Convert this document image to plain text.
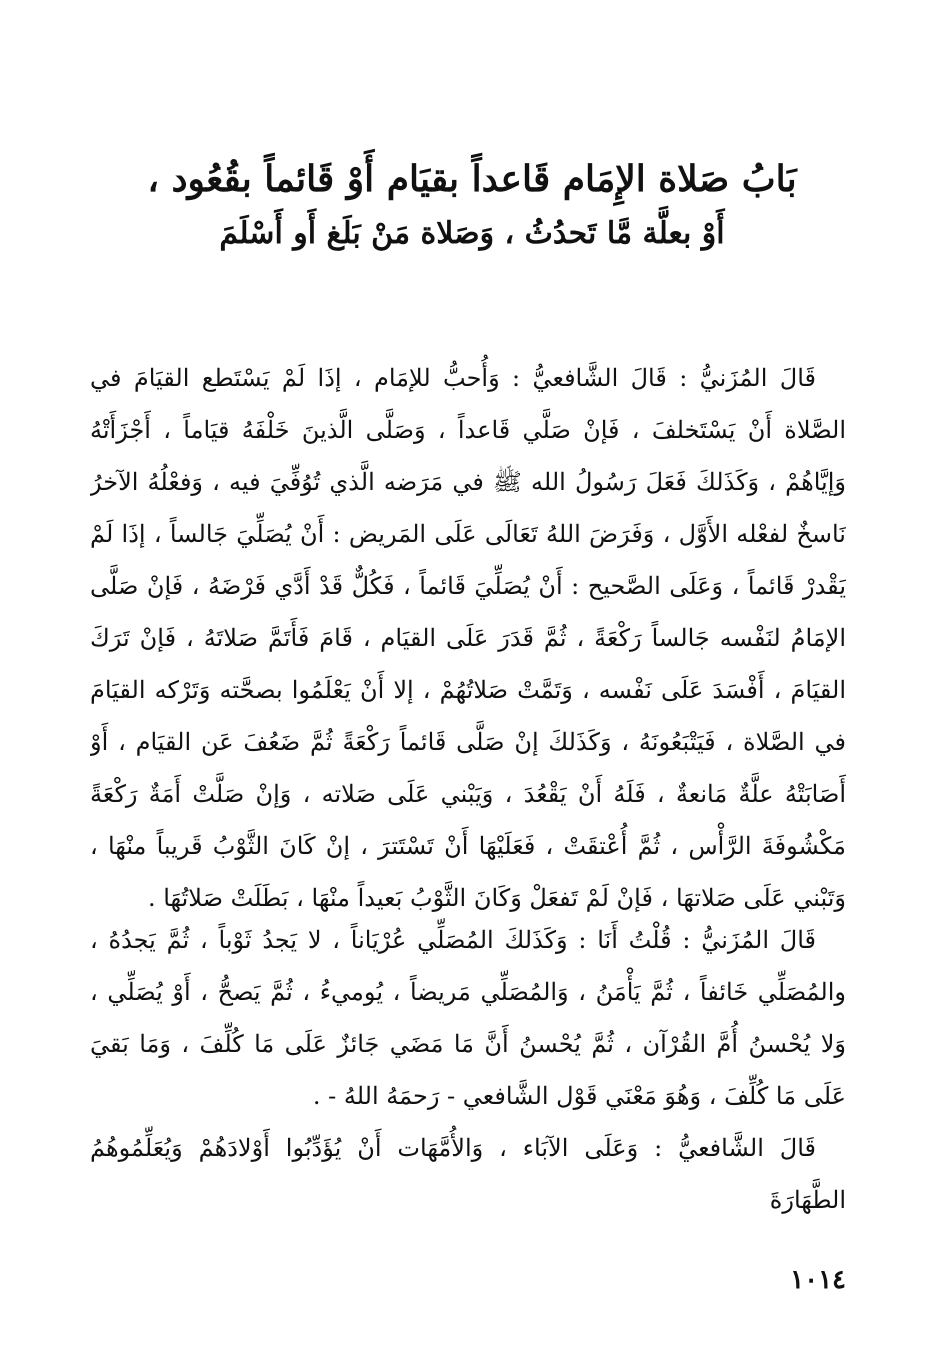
بَابُ صَلاة الإِمَام قَاعداً بقيَام أَوْ قَائماً بقُعُود ،
أَوْ بعلَّة مَّا تَحدُثُ ، وَصَلاة مَنْ بَلَغ أَو أَسْلَمَ

قَالَ المُزَنيُّ : قَالَ الشَّافعيُّ : وَأُحبُّ للإمَام ، إذَا لَمْ يَسْتَطع القيَامَ في الصَّلاة أَنْ يَسْتَخلفَ ، فَإنْ صَلَّي قَاعداً ، وَصَلَّى الَّذينَ خَلْفَهُ قيَاماً ، أَجْزَأَتْهُ وَإيَّاهُمْ ، وَكَذَلكَ فَعَلَ رَسُولُ الله ﷺ في مَرَضه الَّذي تُوُفِّيَ فيه ، وَفعْلُهُ الآخرُ نَاسخٌ لفعْله الأَوَّل ، وَفَرَضَ اللهُ تَعَالَى عَلَى المَريض : أَنْ يُصَلِّيَ جَالساً ، إذَا لَمْ يَقْدرْ قَائماً ، وَعَلَى الصَّحيح : أَنْ يُصَلِّيَ قَائماً ، فَكُلٌّ قَدْ أَدَّي فَرْضَهُ ، فَإنْ صَلَّى الإمَامُ لنَفْسه جَالساً رَكْعَةً ، ثُمَّ قَدَرَ عَلَى القيَام ، قَامَ فَأَتَمَّ صَلاتَهُ ، فَإنْ تَرَكَ القيَامَ ، أَفْسَدَ عَلَى نَفْسه ، وَتَمَّتْ صَلاتُهُمْ ، إلا أَنْ يَعْلَمُوا بصحَّته وَتَرْكه القيَامَ في الصَّلاة ، فَيَتْبَعُونَهُ ، وَكَذَلكَ إنْ صَلَّى قَائماً رَكْعَةً ثُمَّ ضَعُفَ عَن القيَام ، أَوْ أَصَابَتْهُ علَّةٌ مَانعةٌ ، فَلَهُ أَنْ يَقْعُدَ ، وَيَبْني عَلَى صَلاته ، وَإنْ صَلَّتْ أَمَةٌ رَكْعَةً مَكْشُوفَةَ الرَّأْس ، ثُمَّ أُعْتقَتْ ، فَعَلَيْهَا أَنْ تَسْتَترَ ، إنْ كَانَ الثَّوْبُ قَريباً منْهَا ، وَتَبْني عَلَى صَلاتهَا ، فَإنْ لَمْ تَفعَلْ وَكَانَ الثَّوْبُ بَعيداً منْهَا ، بَطَلَتْ صَلاتُهَا .

قَالَ المُزَنيُّ : قُلْتُ أَنَا : وَكَذَلكَ المُصَلِّي عُرْيَاناً ، لا يَجدُ ثَوْباً ، ثُمَّ يَجدُهُ ، والمُصَلِّي خَائفاً ، ثُمَّ يَأْمَنُ ، وَالمُصَلِّي مَريضاً ، يُوميءُ ، ثُمَّ يَصحُّ ، أَوْ يُصَلِّي ، وَلا يُحْسنُ أُمَّ القُرْآن ، ثُمَّ يُحْسنُ أَنَّ مَا مَضَي جَائزٌ عَلَى مَا كُلِّفَ ، وَمَا بَقيَ عَلَى مَا كُلِّفَ ، وَهُوَ مَعْنَي قَوْل الشَّافعي - رَحمَهُ اللهُ - .

قَالَ الشَّافعيُّ : وَعَلَى الآبَاء ، وَالأُمَّهَات أَنْ يُؤَدِّبُوا أَوْلادَهُمْ وَيُعَلِّمُوهُمُ الطَّهَارَةَ

١٠١٤
